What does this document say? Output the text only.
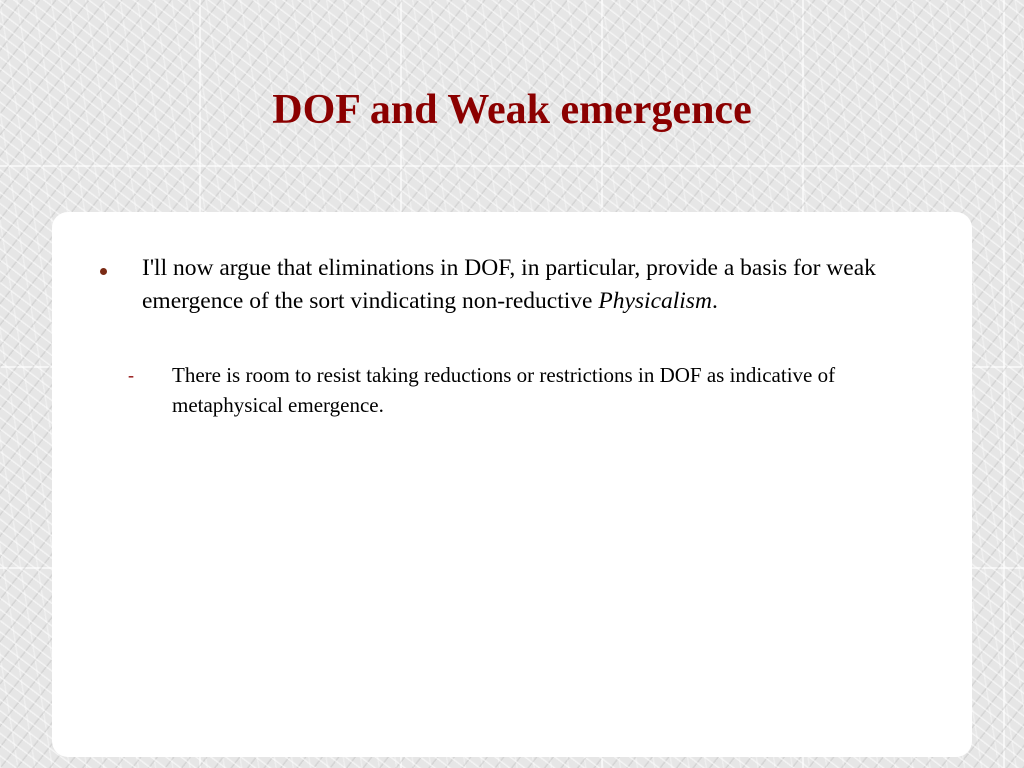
DOF and Weak emergence

I'll now argue that eliminations in DOF, in particular, provide a basis for weak emergence of the sort vindicating non-reductive Physicalism.

- There is room to resist taking reductions or restrictions in DOF as indicative of metaphysical emergence.
